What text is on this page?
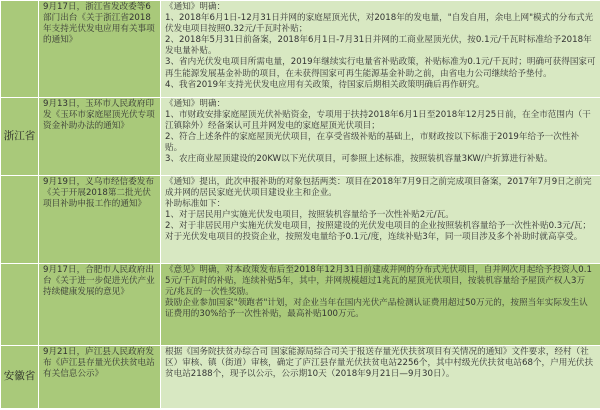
	9月17日，浙江省发改委等6部门出台《关于浙江省2018年支持光伏发电应用有关事项的通知》	《通知》明确：
1、2018年6月1日-12月31日并网的家庭屋顶光伏，对2018年的发电量，"自发自用，余电上网"模式的分布式光伏发电项目按照0.32元/千瓦时补贴；
2、2018年5月31日前备案，2018年6月1日-7月31日并网的工商业屋顶光伏，按0.1元/千瓦时标准给予2018年发电量补贴。
3、省内光伏发电项目所需电量，2019年继续实行电量省补贴政策，补贴标准为0.1元/千瓦时；明确可获得国家可再生能源发展基金补助的项目，在未获得国家可再生能源基金补助之前，由省电力公司继续给予垫付。
4、我省2019年支持光伏发电应用有关政策，待国家后期相关政策明确后再作研究。

浙江省	9月13日，玉环市人民政府印发《玉环市家庭屋顶光伏专项资金补助办法的通知》	《通知》明确：
1、市财政安排家庭屋顶光伏补贴资金，专项用于扶持2018年6月1日至2018年12月25日前，在全市范围内（干江镇除外）经备案认可且并网发电的家庭屋顶光伏项目；
2、符合上述条件的家庭屋顶光伏项目，在享受省级补贴的基础上，市财政按以下标准于2019年给予一次性补贴。
3、农庄商业屋顶建设的20KW以下光伏项目，可参照上述标准，按照装机容量3KW/户折算进行补贴。

	9月19日，义乌市经信委发布《关于开展2018第二批光伏项目补助申报工作的通知》	《通知》提出，此次申报补助的对象包括两类：项目在2018年7月9日之前完成项目备案，2017年7月9日之前完成并网的居民家庭光伏项目建设业主和企业。
补助标准如下：
1、对于居民用户实施光伏发电项目，按照装机容量给予一次性补贴2元/瓦。
2、对于非居民用户实施光伏发电项目，按照建设的光伏发电项目的企业按照装机容量给予一次性补贴0.3元/瓦；对于光伏发电项目的投资企业，按照发电量给予0.1元/度，连续补贴3年，同一项目涉及多个补助时就高享受。

	9月17日，合肥市人民政府出台《关于进一步促进光伏产业持续健康发展的意见》	《意见》明确，对本政策发布后至2018年12月31日前建成并网的分布式光伏项目，自并网次月起给予投资人0.15元/千瓦时的补贴，连续补贴5年，其中，并网规模超过1兆瓦的屋顶光伏项目，按装机容量给予屋顶产权人3万元/兆瓦的一次性奖励。
鼓励企业参加国家"领跑者"计划，对企业当年在国内光伏产品检测认证费用超过50万元的，按照当年实际发生认证费用的30%给予一次性补贴，最高补贴100万元。

安徽省	9月21日，庐江县人民政府发布《庐江县存量光伏扶贫电站有关信息公示》	根据《国务院扶贫办综合司 国家能源局综合司关于报送存量光伏扶贫项目有关情况的通知》文件要求，经村（社区）审核、镇（街道）审核，确定了庐江县存量光伏扶贫电站2256个，其中村级光伏扶贫电站68个，户用光伏扶贫电站2188个，现予以公示，公示期10天（2018年9月21日—9月30日）。
